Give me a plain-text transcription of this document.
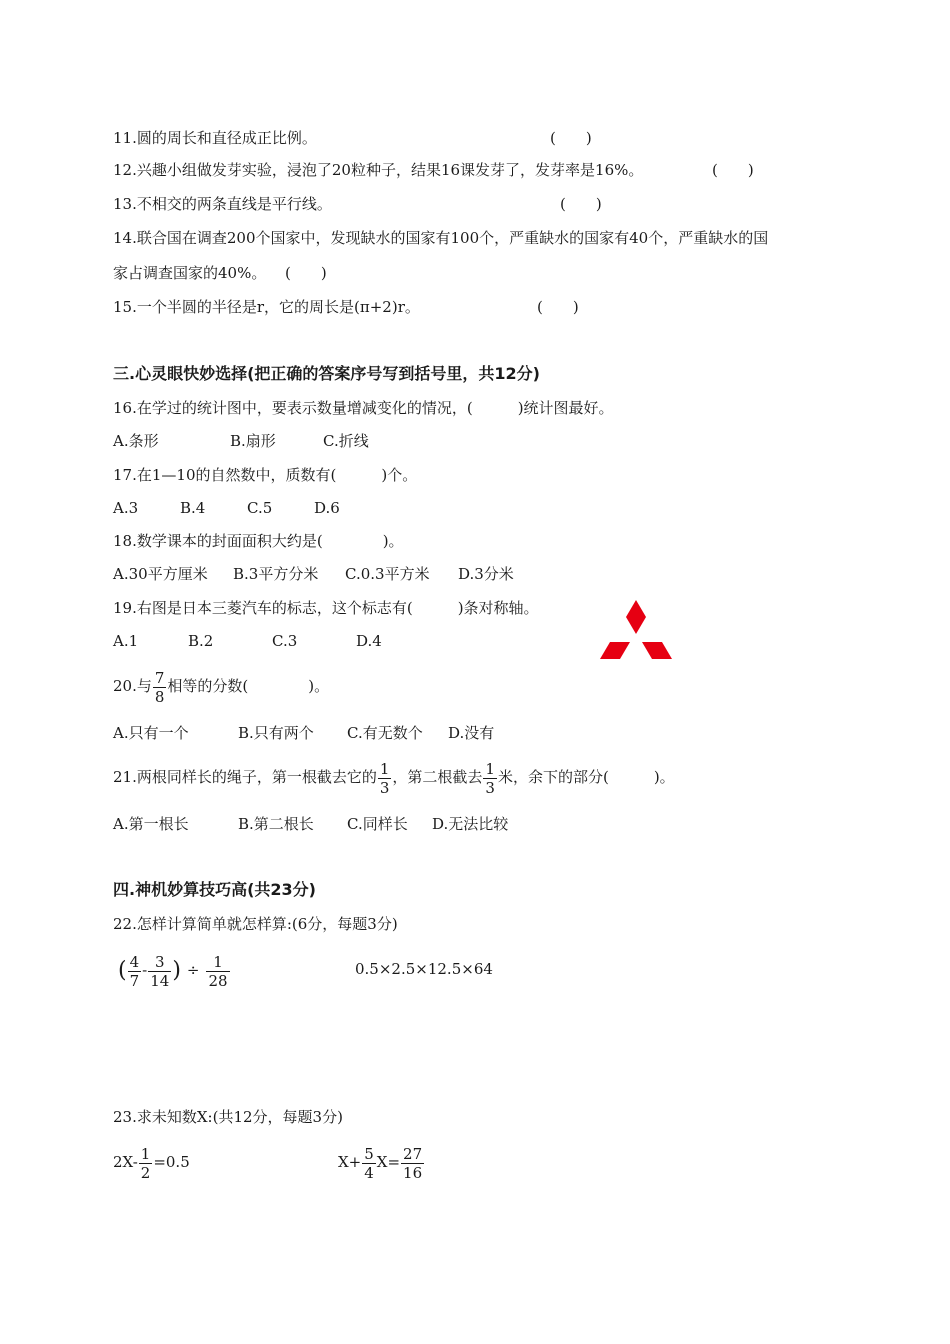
11.圆的周长和直径成正比例。	(　　)
12.兴趣小组做发芽实验，浸泡了20粒种子，结果16课发芽了，发芽率是16%。	(　　)
13.不相交的两条直线是平行线。	(　　)
14.联合国在调查200个国家中，发现缺水的国家有100个，严重缺水的国家有40个，严重缺水的国
家占调查国家的40%。 (　　)
15.一个半圆的半径是r，它的周长是(π+2)r。	(　　)
三.心灵眼快妙选择(把正确的答案序号写到括号里，共12分)
16.在学过的统计图中，要表示数量增减变化的情况，(　　　)统计图最好。
A.条形	B.扇形	C.折线
17.在1—10的自然数中，质数有(　　　)个。
A.3	B.4	C.5	D.6
18.数学课本的封面面积大约是(　　　　)。
A.30平方厘米 B.3平方分米 C.0.3平方米 D.3分米
19.右图是日本三菱汽车的标志，这个标志有(　　　)条对称轴。
A.1	B.2	C.3	D.4
20.与 $\frac{7}{8}$ 相等的分数(　　　　)。
A.只有一个	B.只有两个 C.有无数个 D.没有
21.两根同样长的绳子，第一根截去它的 $\frac{1}{3}$ ，第二根截去 $\frac{1}{3}$ 米，余下的部分(　　　)。
A.第一根长	B.第二根长 C.同样长 D.无法比较
四.神机妙算技巧高(共23分)
22.怎样计算简单就怎样算:(6分，每题3分)
( $\frac{4}{7} - \frac{3}{14}$ ) ÷ $\frac{1}{28}$	0.5×2.5×12.5×64
23.求未知数X:(共12分，每题3分)
$2X- \frac{1}{2} =0.5$	$X+ \frac{5}{4} X= \frac{27}{16}$
